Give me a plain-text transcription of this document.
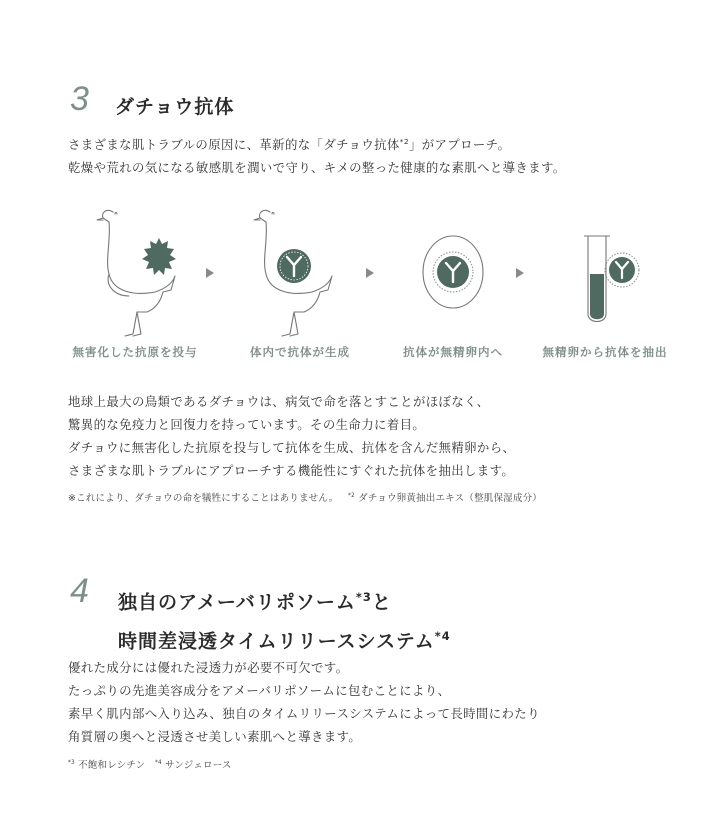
3 ダチョウ抗体
さまざまな肌トラブルの原因に、革新的な「ダチョウ抗体$^{*2}$」がアプローチ。
乾燥や荒れの気になる敏感肌を潤いで守り、キメの整った健康的な素肌へと導きます。
無害化した抗原を投与	体内で抗体が生成	抗体が無精卵内へ	無精卵から抗体を抽出
地球上最大の鳥類であるダチョウは、病気で命を落とすことがほぼなく、
驚異的な免疫力と回復力を持っています。その生命力に着目。
ダチョウに無害化した抗原を投与して抗体を生成、抗体を含んだ無精卵から、
さまざまな肌トラブルにアプローチする機能性にすぐれた抗体を抽出します。
※これにより、ダチョウの命を犠牲にすることはありません。 $^{*2}$ ダチョウ卵黄抽出エキス（整肌保湿成分）
4 独自のアメーバリポソーム$^{*3}$と
時間差浸透タイムリリースシステム$^{*4}$
優れた成分には優れた浸透力が必要不可欠です。
たっぷりの先進美容成分をアメーバリポソームに包むことにより、
素早く肌内部へ入り込み、独自のタイムリリースシステムによって長時間にわたり
角質層の奥へと浸透させ美しい素肌へと導きます。
$^{*3}$ 不飽和レシチン $^{*4}$ サンジェロース
